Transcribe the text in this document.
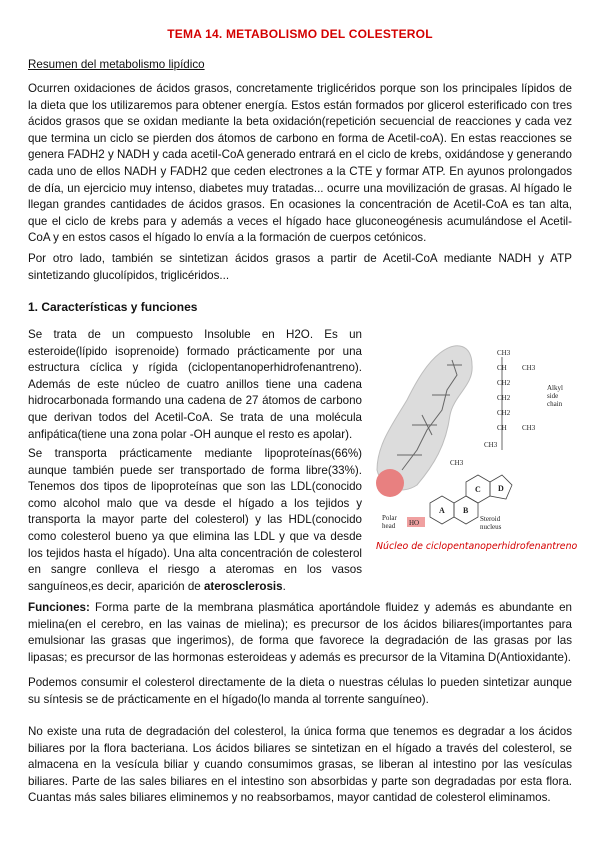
TEMA 14. METABOLISMO DEL COLESTEROL
Resumen del metabolismo lipídico

Ocurren oxidaciones de ácidos grasos, concretamente triglicéridos porque son los principales lípidos de la dieta que los utilizaremos para obtener energía. Estos están formados por glicerol esterificado con tres ácidos grasos que se oxidan mediante la beta oxidación(repetición secuencial de reacciones y cada vez que termina un ciclo se pierden dos átomos de carbono en forma de Acetil-coA). En estas reacciones se genera FADH2 y NADH y cada acetil-CoA generado entrará en el ciclo de krebs, oxidándose y generando cada uno de ellos NADH y FADH2 que ceden electrones a la CTE y formar ATP. En ayunos prolongados de día, un ejercicio muy intenso, diabetes muy tratadas... ocurre una movilización de grasas. Al hígado le llegan grandes cantidades de ácidos grasos. En ocasiones la concentración de Acetil-CoA es tan alta, que el ciclo de krebs para y además a veces el hígado hace gluconeogénesis acumulándose el Acetil-CoA y en estos casos el hígado lo envía a la formación de cuerpos cetónicos.

Por otro lado, también se sintetizan ácidos grasos a partir de Acetil-CoA mediante NADH y ATP sintetizando glucolípidos, triglicéridos...

1. Características y funciones

Se trata de un compuesto Insoluble en H2O. Es un esteroide(lípido isoprenoide) formado prácticamente por una estructura cíclica y rígida (ciclopentanoperhidrofenantreno). Además de este núcleo de cuatro anillos tiene una cadena hidrocarbonada formando una cadena de 27 átomos de carbono que derivan todos del Acetil-CoA. Se trata de una molécula anfipática(tiene una zona polar -OH aunque el resto es apolar).

Se transporta prácticamente mediante lipoproteínas(66%) aunque también puede ser transportado de forma libre(33%). Tenemos dos tipos de lipoproteínas que son las LDL(conocido como alcohol malo que va desde el hígado a los tejidos y transporta la mayor parte del colesterol) y las HDL(conocido como colesterol bueno ya que elimina las LDL y que va desde los tejidos hasta el hígado). Una alta concentración de colesterol en sangre conlleva el riesgo a ateromas en los vasos sanguíneos,es decir, aparición de aterosclerosis.

CH3
CH CH3
CH2
CH2
CH2
CH CH3
CH3
CH3
Alkyl
side
chain
Polar
head HO	Steroid
nucleus
A B
C D
Núcleo de ciclopentanoperhidrofenantreno

Funciones: Forma parte de la membrana plasmática aportándole fluidez y además es abundante en mielina(en el cerebro, en las vainas de mielina); es precursor de los ácidos biliares(importantes para emulsionar las grasas que ingerimos), de forma que favorece la degradación de las grasas por las lipasas; es precursor de las hormonas esteroideas y además es precursor de la Vitamina D(Antioxidante).

Podemos consumir el colesterol directamente de la dieta o nuestras células lo pueden sintetizar aunque su síntesis se de prácticamente en el hígado(lo manda al torrente sanguíneo).

No existe una ruta de degradación del colesterol, la única forma que tenemos es degradar a los ácidos biliares por la flora bacteriana. Los ácidos biliares se sintetizan en el hígado a través del colesterol, se almacena en la vesícula biliar y cuando consumimos grasas, se liberan al intestino por las vesículas biliares. Parte de las sales biliares en el intestino son absorbidas y parte son degradadas por esta flora. Cuantas más sales biliares eliminemos y no reabsorbamos, mayor cantidad de colesterol eliminamos.
